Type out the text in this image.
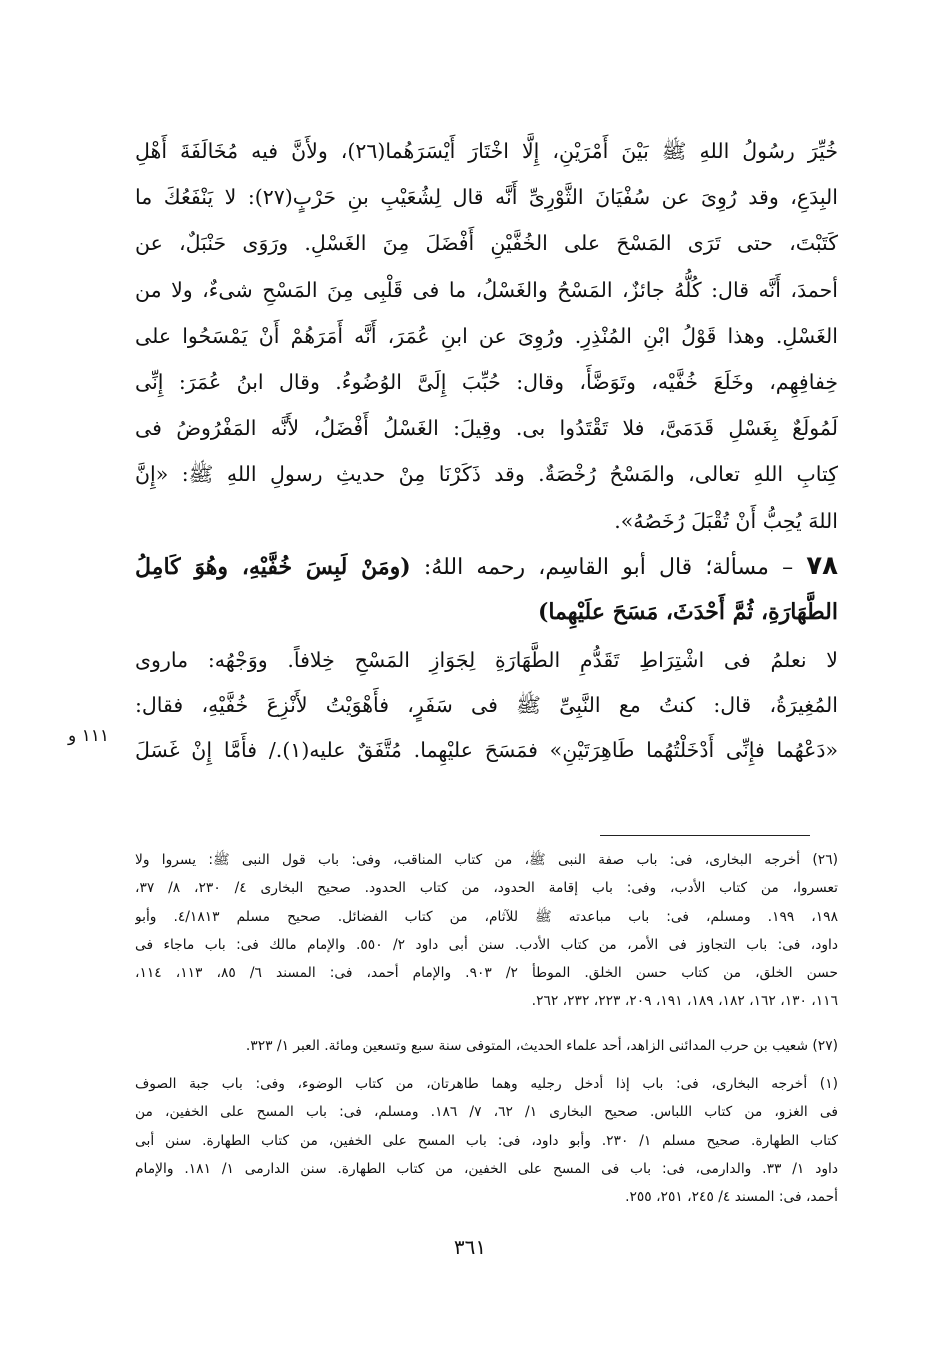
خُيِّرَ رسُولُ اللهِ ﷺ بَيْنَ أَمْرَيْنِ، إِلَّا اخْتَارَ أَيْسَرَهُما(٢٦)، ولأَنَّ فيه مُخَالَفَةَ أَهْلِ
البِدَعِ، وقد رُوِىَ عن سُفْيَانَ الثَّوْرِىِّ أَنَّه قال لِشُعَيْبِ بنِ حَرْبٍ(٢٧): لا يَنْفَعُكَ ما
كَتَبْتَ، حتى تَرَى المَسْحَ على الخُفَّيْنِ أَفْضَلَ مِنَ الغَسْلِ. ورَوَى حَنْبَلٌ، عن
أحمدَ، أَنَّه قال: كُلُّهُ جائزٌ، المَسْحُ والغَسْلُ، ما فى قَلْبِى مِنَ المَسْحِ شىءٌ، ولا من
الغَسْلِ. وهذا قَوْلُ ابْنِ المُنْذِرِ. ورُوِىَ عن ابنِ عُمَرَ، أَنَّه أَمَرَهُمْ أَنْ يَمْسَحُوا على
خِفافِهِم، وخَلَعَ خُفَّيْه، وتَوَضَّأَ، وقال: حُبِّبَ إِلَىَّ الوُضُوءُ. وقال ابنُ عُمَرَ: إِنِّى
لَمُولَعٌ بِغَسْلِ قَدَمَىَّ، فلا تَقْتَدُوا بى. وقِيلَ: الغَسْلُ أَفْضَلُ، لأَنَّه المَفْرُوضُ فى
كِتابِ اللهِ تعالى، والمَسْحُ رُخْصَةٌ. وقد ذَكَرْنَا مِنْ حديثِ رسولِ اللهِ ﷺ: «إِنَّ
اللهَ يُحِبُّ أَنْ تُقْبَلَ رُخَصُهُ».
٧٨ – مسألة؛ قال أبو القاسِم، رحمه اللهُ: (ومَنْ لَبِسَ خُفَّيْهِ، وهُوَ كَامِلُ
الطَّهَارَةِ، ثُمَّ أَحْدَثَ، مَسَحَ علَيْهِما)
لا نعلمُ فى اشْتِرَاطِ تَقَدُّمِ الطَّهَارَةِ لِجَوَازِ المَسْحِ خِلافاً. ووَجْهُه: ماروى
المُغِيرَةُ، قال: كنتُ مع النَّبِىِّ ﷺ فى سَفَرٍ، فأَهْوَيْتُ لأَنْزِعَ خُفَّيْهِ، فقال:
«دَعْهُما فإِنِّى أَدْخَلْتُهُما طَاهِرَتَيْنِ» فمَسَحَ عليْهِما. مُتَّفَقٌ عليه(١)./ فأَمَّا إِنْ غَسَلَ
١١١ و
(٢٦) أخرجه البخارى، فى: باب صفة النبى ﷺ، من كتاب المناقب، وفى: باب قول النبى ﷺ: يسروا ولا
تعسروا، من كتاب الأدب، وفى: باب إقامة الحدود، من كتاب الحدود. صحيح البخارى ٤/ ٢٣٠، ٨/ ٣٧،
١٩٨، ١٩٩. ومسلم، فى: باب مباعدته ﷺ للآثام، من كتاب الفضائل. صحيح مسلم ٤/١٨١٣. وأبو
داود، فى: باب التجاوز فى الأمر، من كتاب الأدب. سنن أبى داود ٢/ ٥٥٠. والإمام مالك فى: باب ماجاء فى
حسن الخلق، من كتاب حسن الخلق. الموطأ ٢/ ٩٠٣. والإمام أحمد، فى: المسند ٦/ ٨٥، ١١٣، ١١٤،
١١٦، ١٣٠، ١٦٢، ١٨٢، ١٨٩، ١٩١، ٢٠٩، ٢٢٣، ٢٣٢، ٢٦٢.
(٢٧) شعيب بن حرب المدائنى الزاهد، أحد علماء الحديث، المتوفى سنة سبع وتسعين ومائة. العبر ١/ ٣٢٣.
(١) أخرجه البخارى، فى: باب إذا أدخل رجليه وهما طاهرتان، من كتاب الوضوء، وفى: باب جبة الصوف
فى الغزو، من كتاب اللباس. صحيح البخارى ١/ ٦٢، ٧/ ١٨٦. ومسلم، فى: باب المسح على الخفين، من
كتاب الطهارة. صحيح مسلم ١/ ٢٣٠. وأبو داود، فى: باب المسح على الخفين، من كتاب الطهارة. سنن أبى
داود ١/ ٣٣. والدارمى، فى: باب فى المسح على الخفين، من كتاب الطهارة. سنن الدارمى ١/ ١٨١. والإمام
أحمد، فى: المسند ٤/ ٢٤٥، ٢٥١، ٢٥٥.
٣٦١
